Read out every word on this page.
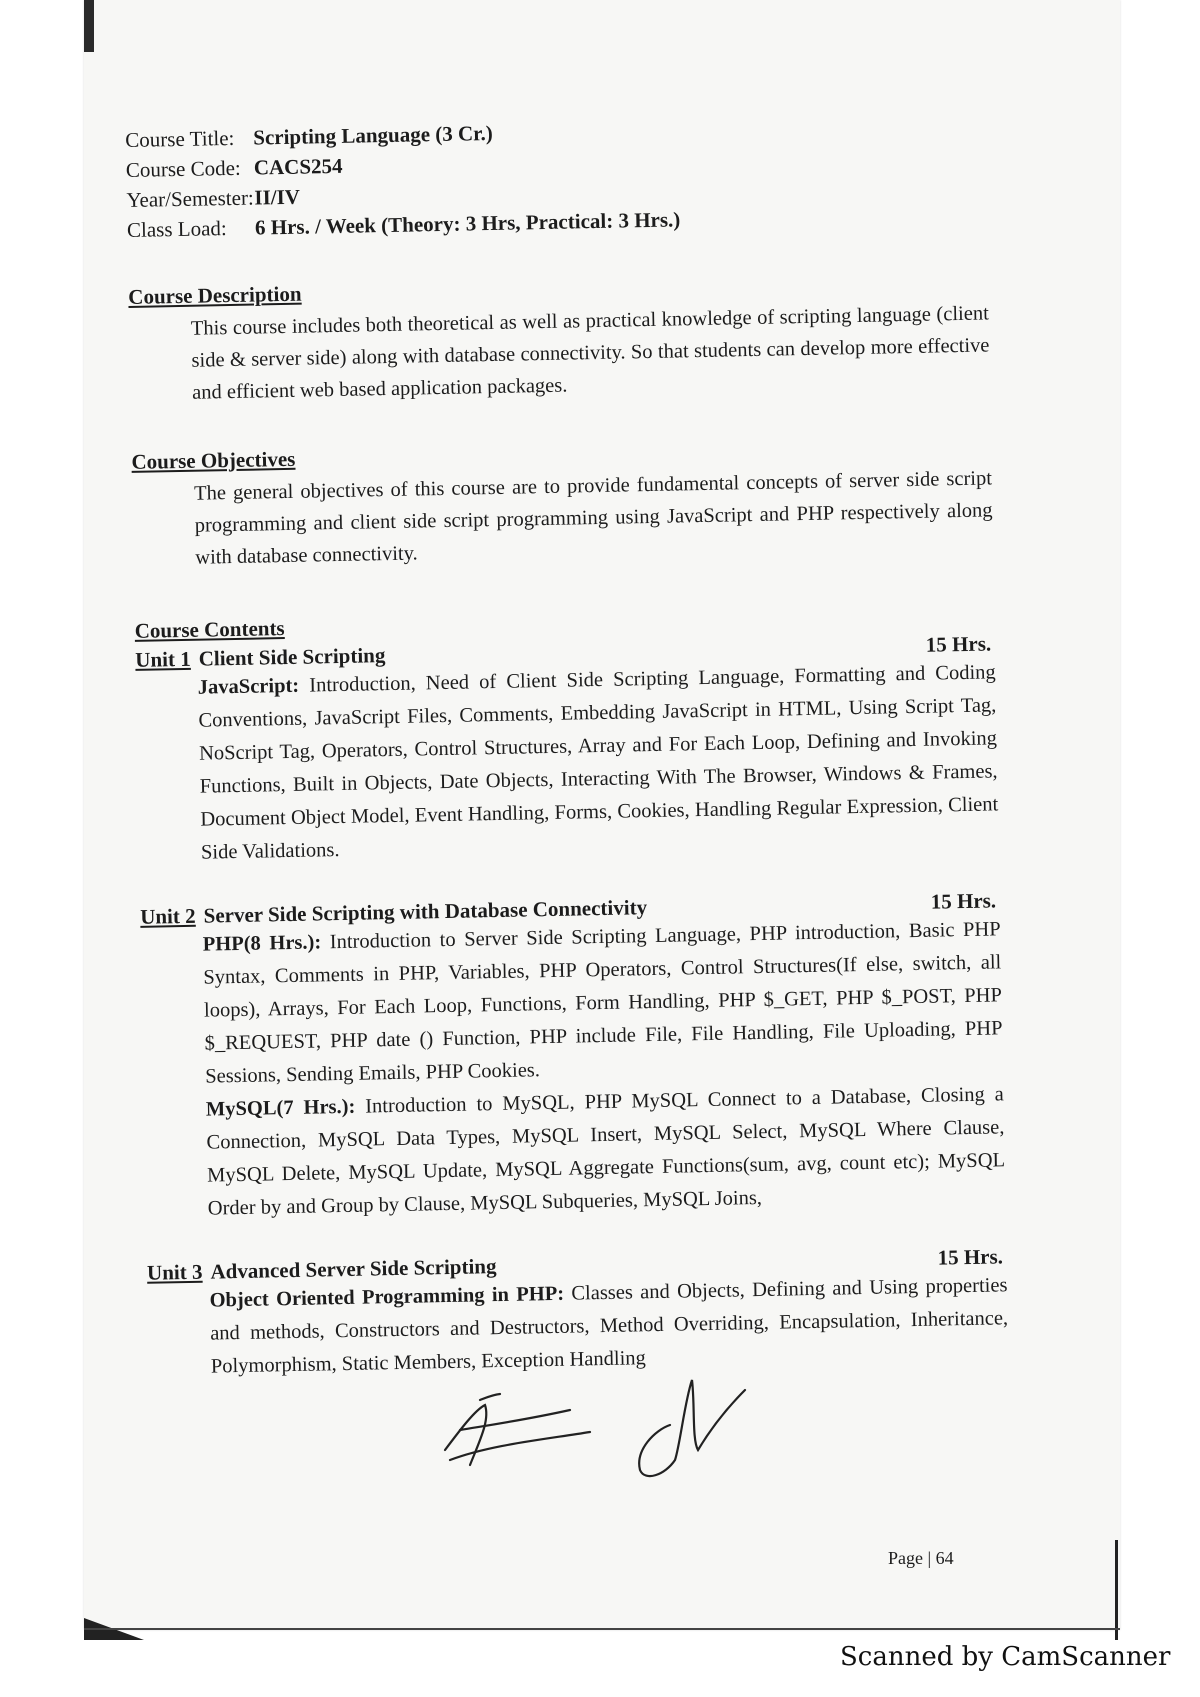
Course Title: Scripting Language (3 Cr.)
Course Code: CACS254
Year/Semester:II/IV
Class Load: 6 Hrs. / Week (Theory: 3 Hrs, Practical: 3 Hrs.)
Course Description
This course includes both theoretical as well as practical knowledge of scripting language (client side & server side) along with database connectivity. So that students can develop more effective and efficient web based application packages.
Course Objectives
The general objectives of this course are to provide fundamental concepts of server side script programming and client side script programming using JavaScript and PHP respectively along with database connectivity.
Course Contents
Unit 1 Client Side Scripting	15 Hrs.
JavaScript: Introduction, Need of Client Side Scripting Language, Formatting and Coding Conventions, JavaScript Files, Comments, Embedding JavaScript in HTML, Using Script Tag, NoScript Tag, Operators, Control Structures, Array and For Each Loop, Defining and Invoking Functions, Built in Objects, Date Objects, Interacting With The Browser, Windows & Frames, Document Object Model, Event Handling, Forms, Cookies, Handling Regular Expression, Client Side Validations.
Unit 2 Server Side Scripting with Database Connectivity	15 Hrs.
PHP(8 Hrs.): Introduction to Server Side Scripting Language, PHP introduction, Basic PHP Syntax, Comments in PHP, Variables, PHP Operators, Control Structures(If else, switch, all loops), Arrays, For Each Loop, Functions, Form Handling, PHP $_GET, PHP $_POST, PHP $_REQUEST, PHP date () Function, PHP include File, File Handling, File Uploading, PHP Sessions, Sending Emails, PHP Cookies.
MySQL(7 Hrs.): Introduction to MySQL, PHP MySQL Connect to a Database, Closing a Connection, MySQL Data Types, MySQL Insert, MySQL Select, MySQL Where Clause, MySQL Delete, MySQL Update, MySQL Aggregate Functions(sum, avg, count etc); MySQL Order by and Group by Clause, MySQL Subqueries, MySQL Joins,
Unit 3 Advanced Server Side Scripting	15 Hrs.
Object Oriented Programming in PHP: Classes and Objects, Defining and Using properties and methods, Constructors and Destructors, Method Overriding, Encapsulation, Inheritance, Polymorphism, Static Members, Exception Handling
Page | 64
Scanned by CamScanner
